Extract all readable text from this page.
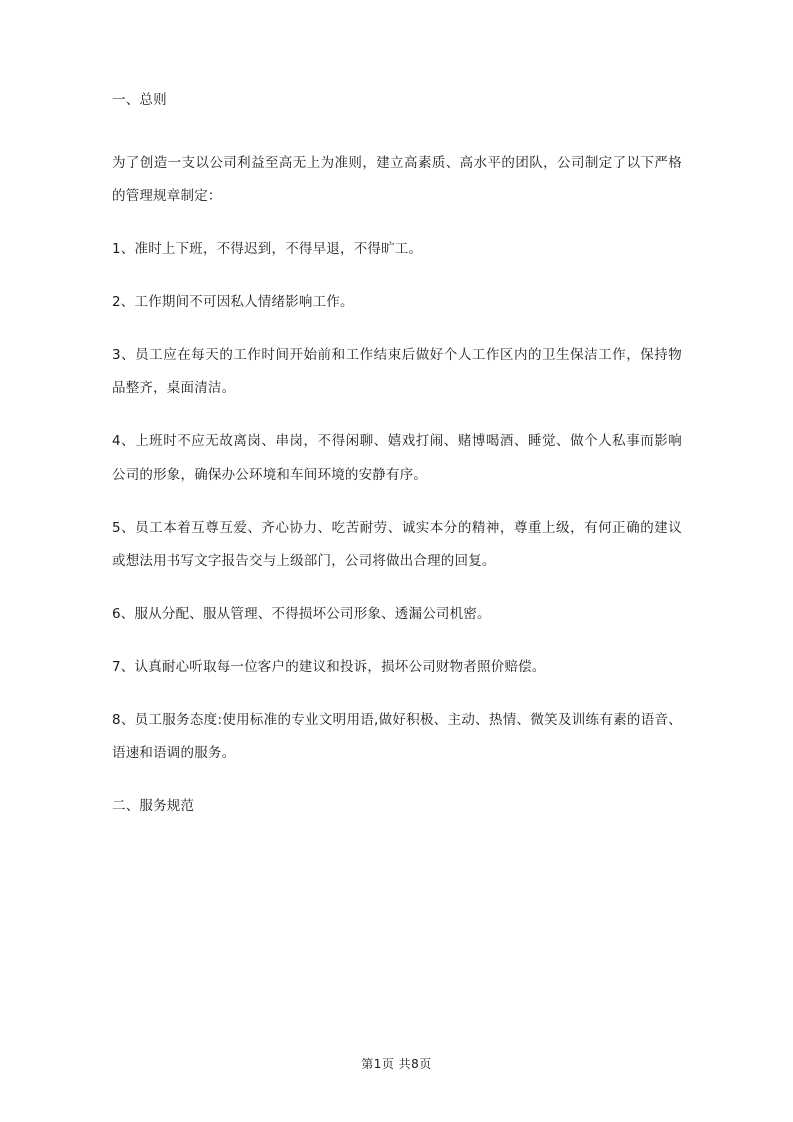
一、总则

为了创造一支以公司利益至高无上为准则，建立高素质、高水平的团队，公司制定了以下严格的管理规章制定：

1、准时上下班，不得迟到，不得早退，不得旷工。

2、工作期间不可因私人情绪影响工作。

3、员工应在每天的工作时间开始前和工作结束后做好个人工作区内的卫生保洁工作，保持物品整齐，桌面清洁。

4、上班时不应无故离岗、串岗，不得闲聊、嬉戏打闹、赌博喝酒、睡觉、做个人私事而影响公司的形象，确保办公环境和车间环境的安静有序。

5、员工本着互尊互爱、齐心协力、吃苦耐劳、诚实本分的精神，尊重上级，有何正确的建议或想法用书写文字报告交与上级部门，公司将做出合理的回复。

6、服从分配、服从管理、不得损坏公司形象、透漏公司机密。

7、认真耐心听取每一位客户的建议和投诉，损坏公司财物者照价赔偿。

8、员工服务态度:使用标准的专业文明用语,做好积极、主动、热情、微笑及训练有素的语音、语速和语调的服务。

二、服务规范

第1页 共8页
